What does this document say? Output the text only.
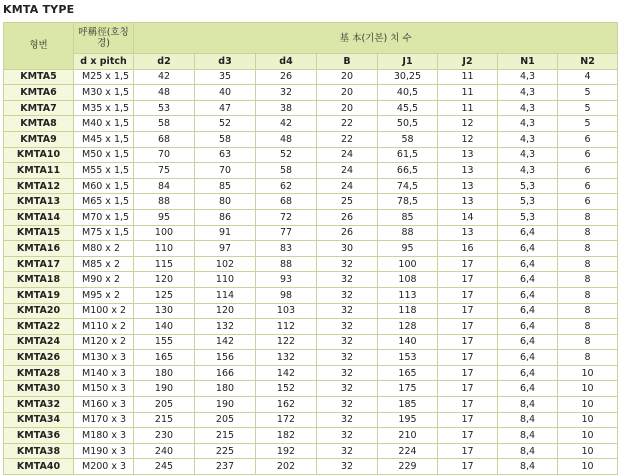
KMTA TYPE
형번	呼稱徑(호칭경)	基 本(기본) 치 수							
	d x pitch	d2	d3	d4	B	J1	J2	N1	N2
KMTA5	M25 x 1,5	42	35	26	20	30,25	11	4,3	4
KMTA6	M30 x 1,5	48	40	32	20	40,5	11	4,3	5
KMTA7	M35 x 1,5	53	47	38	20	45,5	11	4,3	5
KMTA8	M40 x 1,5	58	52	42	22	50,5	12	4,3	5
KMTA9	M45 x 1,5	68	58	48	22	58	12	4,3	6
KMTA10	M50 x 1,5	70	63	52	24	61,5	13	4,3	6
KMTA11	M55 x 1,5	75	70	58	24	66,5	13	4,3	6
KMTA12	M60 x 1,5	84	85	62	24	74,5	13	5,3	6
KMTA13	M65 x 1,5	88	80	68	25	78,5	13	5,3	6
KMTA14	M70 x 1,5	95	86	72	26	85	14	5,3	8
KMTA15	M75 x 1,5	100	91	77	26	88	13	6,4	8
KMTA16	M80 x 2	110	97	83	30	95	16	6,4	8
KMTA17	M85 x 2	115	102	88	32	100	17	6,4	8
KMTA18	M90 x 2	120	110	93	32	108	17	6,4	8
KMTA19	M95 x 2	125	114	98	32	113	17	6,4	8
KMTA20	M100 x 2	130	120	103	32	118	17	6,4	8
KMTA22	M110 x 2	140	132	112	32	128	17	6,4	8
KMTA24	M120 x 2	155	142	122	32	140	17	6,4	8
KMTA26	M130 x 3	165	156	132	32	153	17	6,4	8
KMTA28	M140 x 3	180	166	142	32	165	17	6,4	10
KMTA30	M150 x 3	190	180	152	32	175	17	6,4	10
KMTA32	M160 x 3	205	190	162	32	185	17	8,4	10
KMTA34	M170 x 3	215	205	172	32	195	17	8,4	10
KMTA36	M180 x 3	230	215	182	32	210	17	8,4	10
KMTA38	M190 x 3	240	225	192	32	224	17	8,4	10
KMTA40	M200 x 3	245	237	202	32	229	17	8,4	10
